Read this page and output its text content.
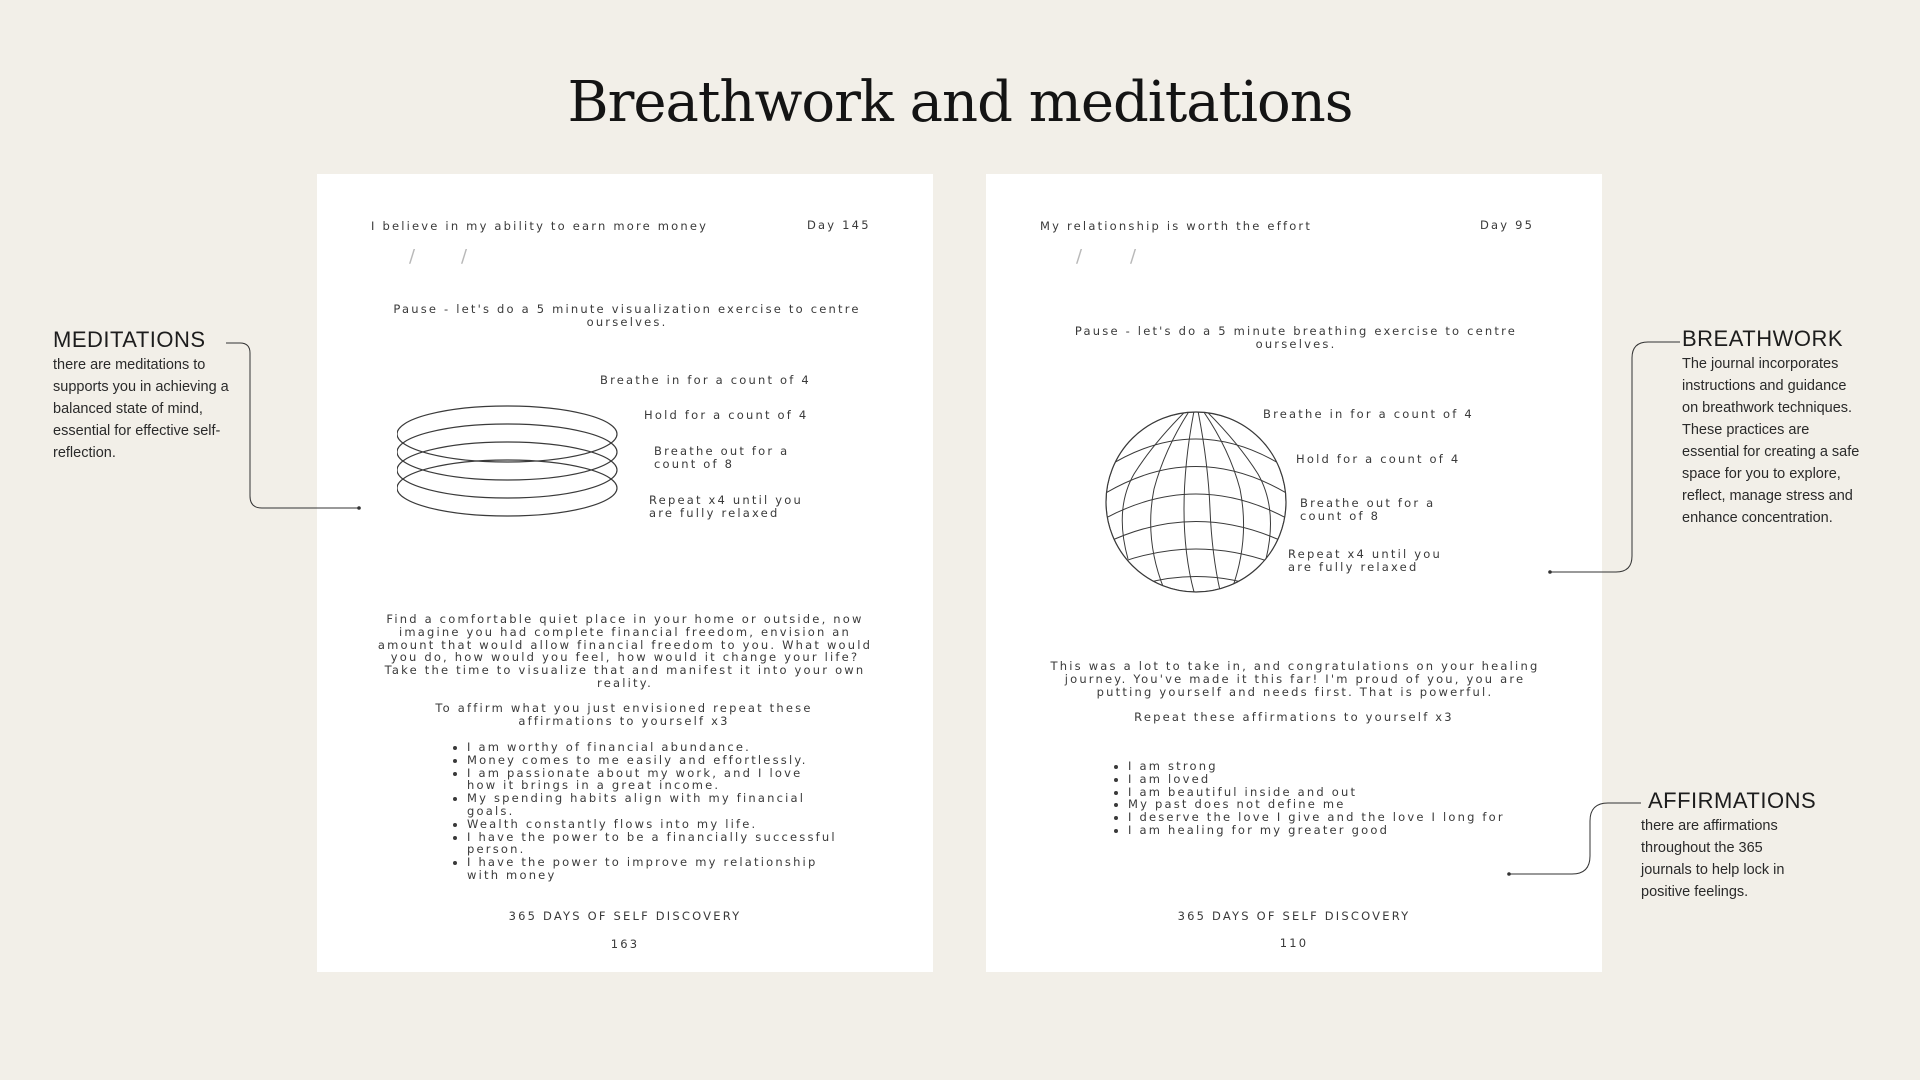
Breathwork and meditations
MEDITATIONS
there are meditations to supports you in achieving a balanced state of mind, essential for effective self-reflection.
BREATHWORK
The journal incorporates instructions and guidance on breathwork techniques. These practices are essential for creating a safe space for you to explore, reflect, manage stress and enhance concentration.
AFFIRMATIONS
there are affirmations throughout the 365 journals to help lock in positive feelings.
I believe in my ability to earn more money	Day 145
/	/
Pause - let's do a 5 minute visualization exercise to centre ourselves.
Breathe in for a count of 4
Hold for a count of 4
Breathe out for a count of 8
Repeat x4 until you are fully relaxed
Find a comfortable quiet place in your home or outside, now imagine you had complete financial freedom, envision an amount that would allow financial freedom to you. What would you do, how would you feel, how would it change your life? Take the time to visualize that and manifest it into your own reality.
To affirm what you just envisioned repeat these affirmations to yourself x3
• I am worthy of financial abundance.
• Money comes to me easily and effortlessly.
• I am passionate about my work, and I love how it brings in a great income.
• My spending habits align with my financial goals.
• Wealth constantly flows into my life.
• I have the power to be a financially successful person.
• I have the power to improve my relationship with money
365 DAYS OF SELF DISCOVERY
163
My relationship is worth the effort	Day 95
/	/
Pause - let's do a 5 minute breathing exercise to centre ourselves.
Breathe in for a count of 4
Hold for a count of 4
Breathe out for a count of 8
Repeat x4 until you are fully relaxed
This was a lot to take in, and congratulations on your healing journey. You've made it this far! I'm proud of you, you are putting yourself and needs first. That is powerful.
Repeat these affirmations to yourself x3
• I am strong
• I am loved
• I am beautiful inside and out
• My past does not define me
• I deserve the love I give and the love I long for
• I am healing for my greater good
365 DAYS OF SELF DISCOVERY
110
